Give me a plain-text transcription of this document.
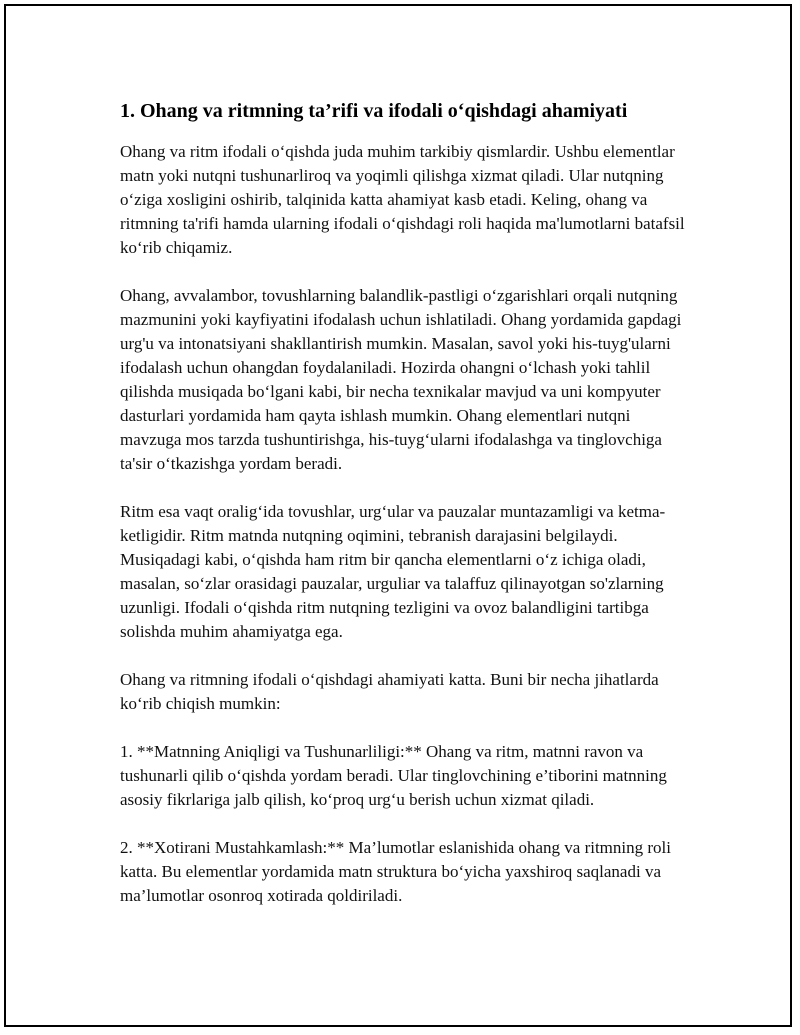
1. Ohang va ritmning ta’rifi va ifodali o‘qishdagi ahamiyati

Ohang va ritm ifodali o‘qishda juda muhim tarkibiy qismlardir. Ushbu elementlar matn yoki nutqni tushunarliroq va yoqimli qilishga xizmat qiladi. Ular nutqning o‘ziga xosligini oshirib, talqinida katta ahamiyat kasb etadi. Keling, ohang va ritmning ta'rifi hamda ularning ifodali o‘qishdagi roli haqida ma'lumotlarni batafsil ko‘rib chiqamiz.

Ohang, avvalambor, tovushlarning balandlik-pastligi o‘zgarishlari orqali nutqning mazmunini yoki kayfiyatini ifodalash uchun ishlatiladi. Ohang yordamida gapdagi urg'u va intonatsiyani shakllantirish mumkin. Masalan, savol yoki his-tuyg'ularni ifodalash uchun ohangdan foydalaniladi. Hozirda ohangni o‘lchash yoki tahlil qilishda musiqada bo‘lgani kabi, bir necha texnikalar mavjud va uni kompyuter dasturlari yordamida ham qayta ishlash mumkin. Ohang elementlari nutqni mavzuga mos tarzda tushuntirishga, his-tuyg‘ularni ifodalashga va tinglovchiga ta'sir o‘tkazishga yordam beradi.

Ritm esa vaqt oralig‘ida tovushlar, urg‘ular va pauzalar muntazamligi va ketma-ketligidir. Ritm matnda nutqning oqimini, tebranish darajasini belgilaydi. Musiqadagi kabi, o‘qishda ham ritm bir qancha elementlarni o‘z ichiga oladi, masalan, so‘zlar orasidagi pauzalar, urguliar va talaffuz qilinayotgan so'zlarning uzunligi. Ifodali o‘qishda ritm nutqning tezligini va ovoz balandligini tartibga solishda muhim ahamiyatga ega.

Ohang va ritmning ifodali o‘qishdagi ahamiyati katta. Buni bir necha jihatlarda ko‘rib chiqish mumkin:

1. **Matnning Aniqligi va Tushunarliligi:** Ohang va ritm, matnni ravon va tushunarli qilib o‘qishda yordam beradi. Ular tinglovchining e’tiborini matnning asosiy fikrlariga jalb qilish, ko‘proq urg‘u berish uchun xizmat qiladi.

2. **Xotirani Mustahkamlash:** Ma’lumotlar eslanishida ohang va ritmning roli katta. Bu elementlar yordamida matn struktura bo‘yicha yaxshiroq saqlanadi va ma’lumotlar osonroq xotirada qoldiriladi.
